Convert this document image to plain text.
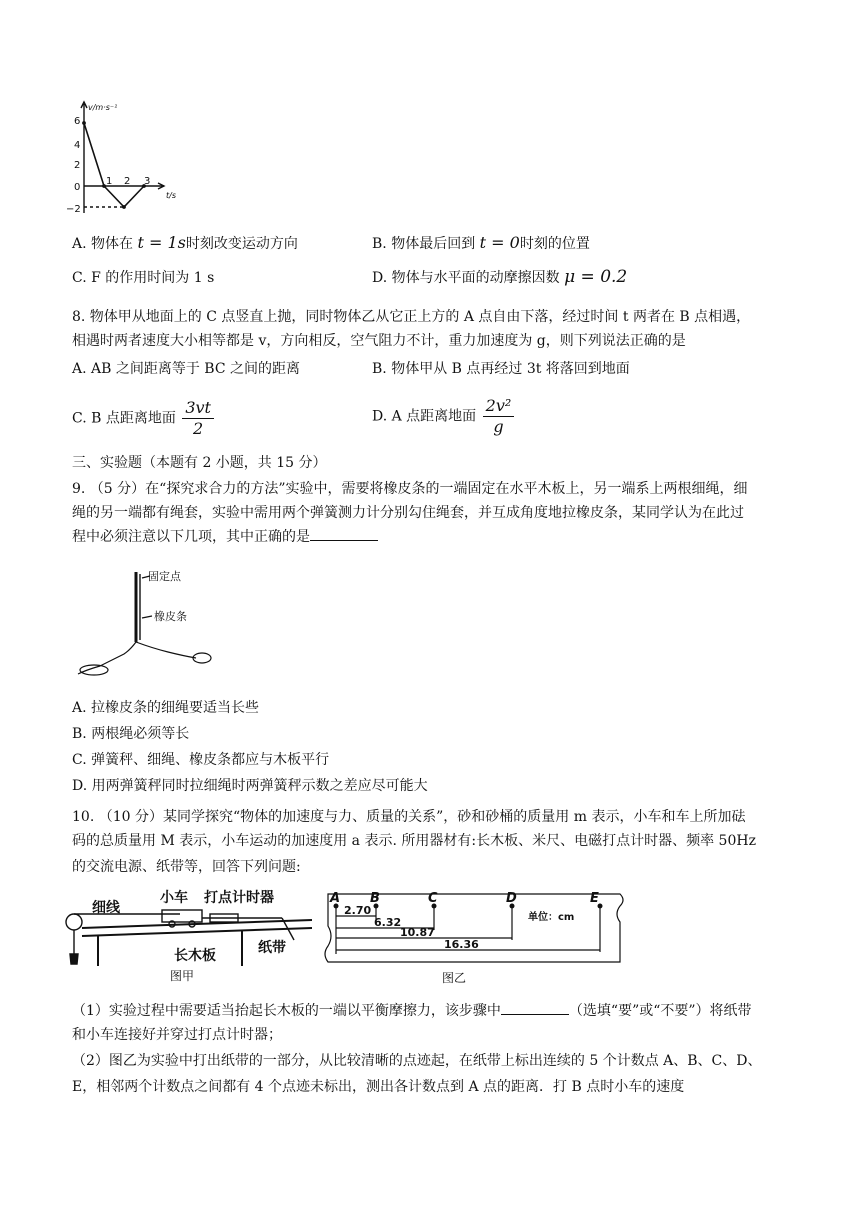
v/m·s⁻¹
t/s
6
4
2
0
−2
1 2 3
A. 物体在 t = 1s时刻改变运动方向	B. 物体最后回到 t = 0时刻的位置
C. F 的作用时间为 1 s	D. 物体与水平面的动摩擦因数 μ = 0.2
8. 物体甲从地面上的 C 点竖直上抛，同时物体乙从它正上方的 A 点自由下落，经过时间 t 两者在 B 点相遇，
相遇时两者速度大小相等都是 v，方向相反，空气阻力不计，重力加速度为 g，则下列说法正确的是
A. AB 之间距离等于 BC 之间的距离	B. 物体甲从 B 点再经过 3t 将落回到地面
C. B 点距离地面 $\frac{3vt}{2}$	D. A 点距离地面 $\frac{\text{2v²}}{g}$
三、实验题（本题有 2 小题，共 15 分）
9. （5 分）在“探究求合力的方法”实验中，需要将橡皮条的一端固定在水平木板上，另一端系上两根细绳，细
绳的另一端都有绳套，实验中需用两个弹簧测力计分别勾住绳套，并互成角度地拉橡皮条，某同学认为在此过
程中必须注意以下几项，其中正确的是
固定点
橡皮条
A. 拉橡皮条的细绳要适当长些
B. 两根绳必须等长
C. 弹簧秤、细绳、橡皮条都应与木板平行
D. 用两弹簧秤同时拉细绳时两弹簧秤示数之差应尽可能大
10. （10 分）某同学探究“物体的加速度与力、质量的关系”，砂和砂桶的质量用 m 表示，小车和车上所加砝
码的总质量用 M 表示，小车运动的加速度用 a 表示. 所用器材有:长木板、米尺、电磁打点计时器、频率 50Hz
的交流电源、纸带等，回答下列问题:
细线
小车 打点计时器
纸带
长木板
图甲
A B	C	D	E
单位：cm
2.70
6.32
10.87
16.36
图乙
（1）实验过程中需要适当抬起长木板的一端以平衡摩擦力，该步骤中	（选填“要”或“不要”）将纸带
和小车连接好并穿过打点计时器；
（2）图乙为实验中打出纸带的一部分，从比较清晰的点迹起，在纸带上标出连续的 5 个计数点 A、B、C、D、
E，相邻两个计数点之间都有 4 个点迹未标出，测出各计数点到 A 点的距离．打 B 点时小车的速度
